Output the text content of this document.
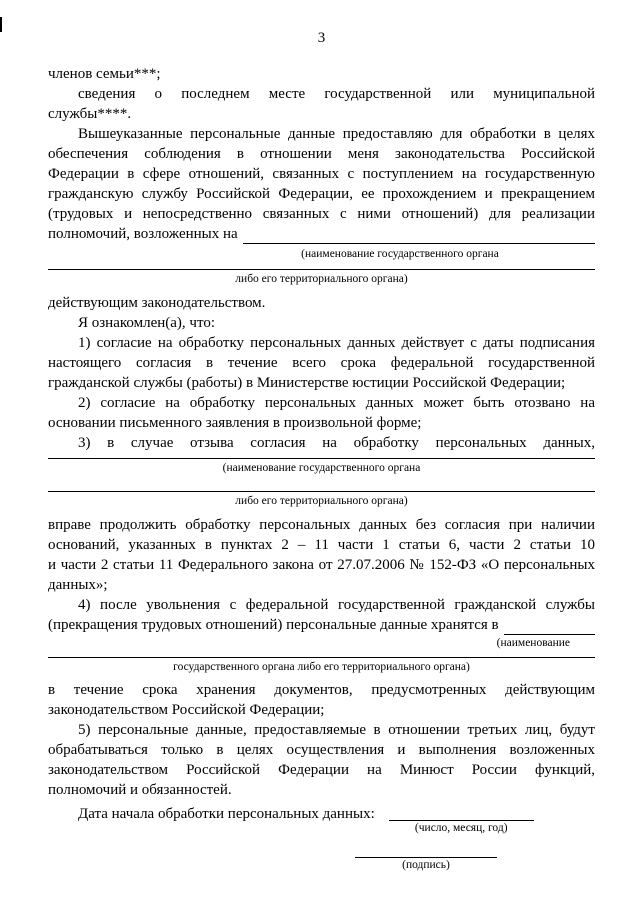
3
членов семьи***;
сведения о последнем месте государственной или муниципальной
службы****.
Вышеуказанные персональные данные предоставляю для обработки в целях
обеспечения соблюдения в отношении меня законодательства Российской
Федерации в сфере отношений, связанных с поступлением на государственную
гражданскую службу Российской Федерации, ее прохождением и прекращением
(трудовых и непосредственно связанных с ними отношений) для реализации
полномочий, возложенных на
(наименование государственного органа
либо его территориального органа)
действующим законодательством.
Я ознакомлен(а), что:
1) согласие на обработку персональных данных действует с даты подписания
настоящего согласия в течение всего срока федеральной государственной
гражданской службы (работы) в Министерстве юстиции Российской Федерации;
2) согласие на обработку персональных данных может быть отозвано на
основании письменного заявления в произвольной форме;
3) в случае отзыва согласия на обработку персональных данных,
(наименование государственного органа
либо его территориального органа)
вправе продолжить обработку персональных данных без согласия при наличии
оснований, указанных в пунктах 2 – 11 части 1 статьи 6, части 2 статьи 10
и части 2 статьи 11 Федерального закона от 27.07.2006 № 152-ФЗ «О персональных
данных»;
4) после увольнения с федеральной государственной гражданской службы
(прекращения трудовых отношений) персональные данные хранятся в
(наименование
государственного органа либо его территориального органа)
в течение срока хранения документов, предусмотренных действующим
законодательством Российской Федерации;
5) персональные данные, предоставляемые в отношении третьих лиц, будут
обрабатываться только в целях осуществления и выполнения возложенных
законодательством Российской Федерации на Минюст России функций,
полномочий и обязанностей.
Дата начала обработки персональных данных:
(число, месяц, год)
(подпись)
